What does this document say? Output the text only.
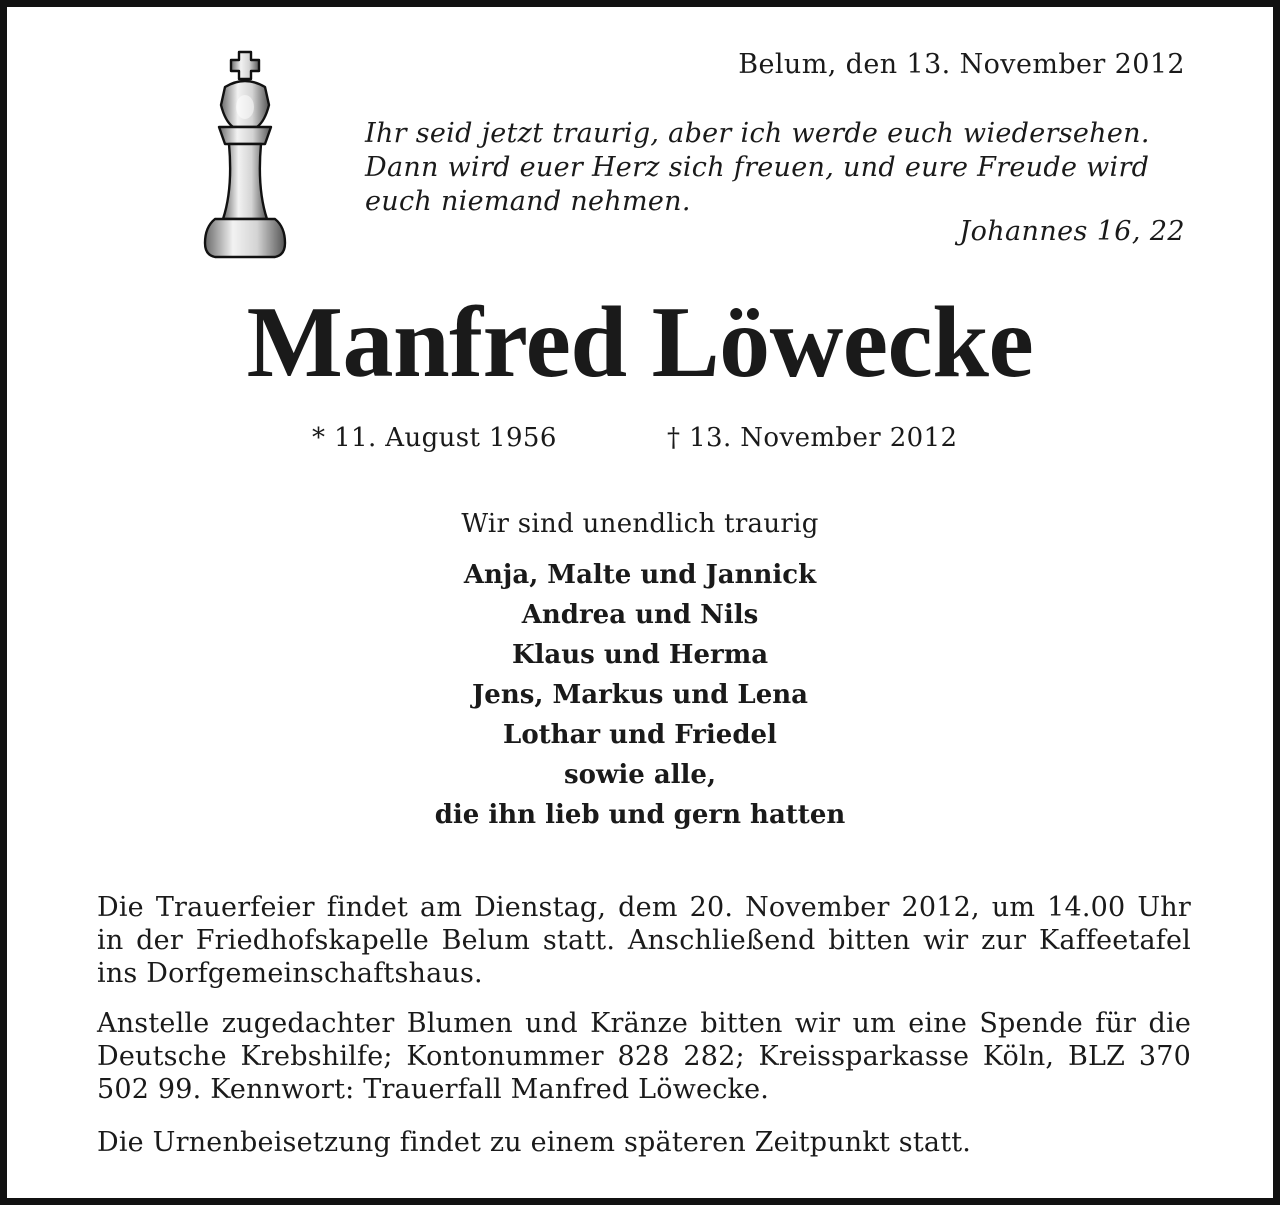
Belum, den 13. November 2012

Ihr seid jetzt traurig, aber ich werde euch wiedersehen. Dann wird euer Herz sich freuen, und eure Freude wird euch niemand nehmen.

Johannes 16, 22

Manfred Löwecke
* 11. August 1956	† 13. November 2012

Wir sind unendlich traurig

Anja, Malte und Jannick
Andrea und Nils
Klaus und Herma
Jens, Markus und Lena
Lothar und Friedel
sowie alle,
die ihn lieb und gern hatten

Die Trauerfeier findet am Dienstag, dem 20. November 2012, um 14.00 Uhr in der Friedhofskapelle Belum statt. Anschließend bitten wir zur Kaffeetafel ins Dorfgemeinschaftshaus.

Anstelle zugedachter Blumen und Kränze bitten wir um eine Spende für die Deutsche Krebshilfe; Kontonummer 828 282; Kreissparkasse Köln, BLZ 370 502 99. Kennwort: Trauerfall Manfred Löwecke.

Die Urnenbeisetzung findet zu einem späteren Zeitpunkt statt.
